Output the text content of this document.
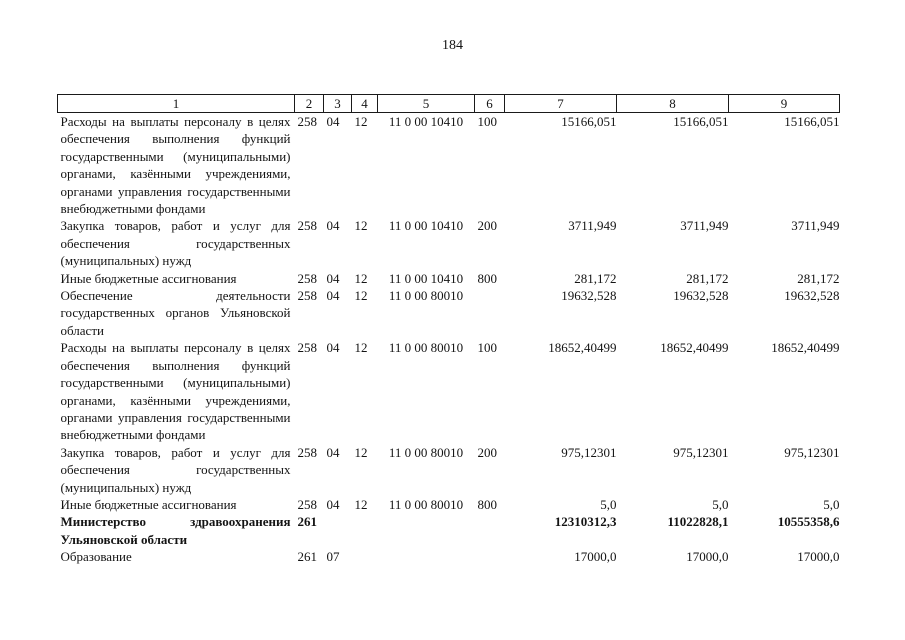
184
1	2	3	4	5	6	7	8	9
Расходы на выплаты персоналу в целях обеспечения выполнения функций государственными (муниципальными) органами, казёнными учреждениями, органами управления государственными внебюджетными фондами	258	04	12	11 0 00 10410	100	15166,051	15166,051	15166,051
Закупка товаров, работ и услуг для обеспечения государственных (муниципальных) нужд	258	04	12	11 0 00 10410	200	3711,949	3711,949	3711,949
Иные бюджетные ассигнования	258	04	12	11 0 00 10410	800	281,172	281,172	281,172
Обеспечение деятельности государственных органов Ульяновской области	258	04	12	11 0 00 80010		19632,528	19632,528	19632,528
Расходы на выплаты персоналу в целях обеспечения выполнения функций государственными (муниципальными) органами, казёнными учреждениями, органами управления государственными внебюджетными фондами	258	04	12	11 0 00 80010	100	18652,40499	18652,40499	18652,40499
Закупка товаров, работ и услуг для обеспечения государственных (муниципальных) нужд	258	04	12	11 0 00 80010	200	975,12301	975,12301	975,12301
Иные бюджетные ассигнования	258	04	12	11 0 00 80010	800	5,0	5,0	5,0
Министерство здравоохранения Ульяновской области	261					12310312,3	11022828,1	10555358,6
Образование	261	07				17000,0	17000,0	17000,0
